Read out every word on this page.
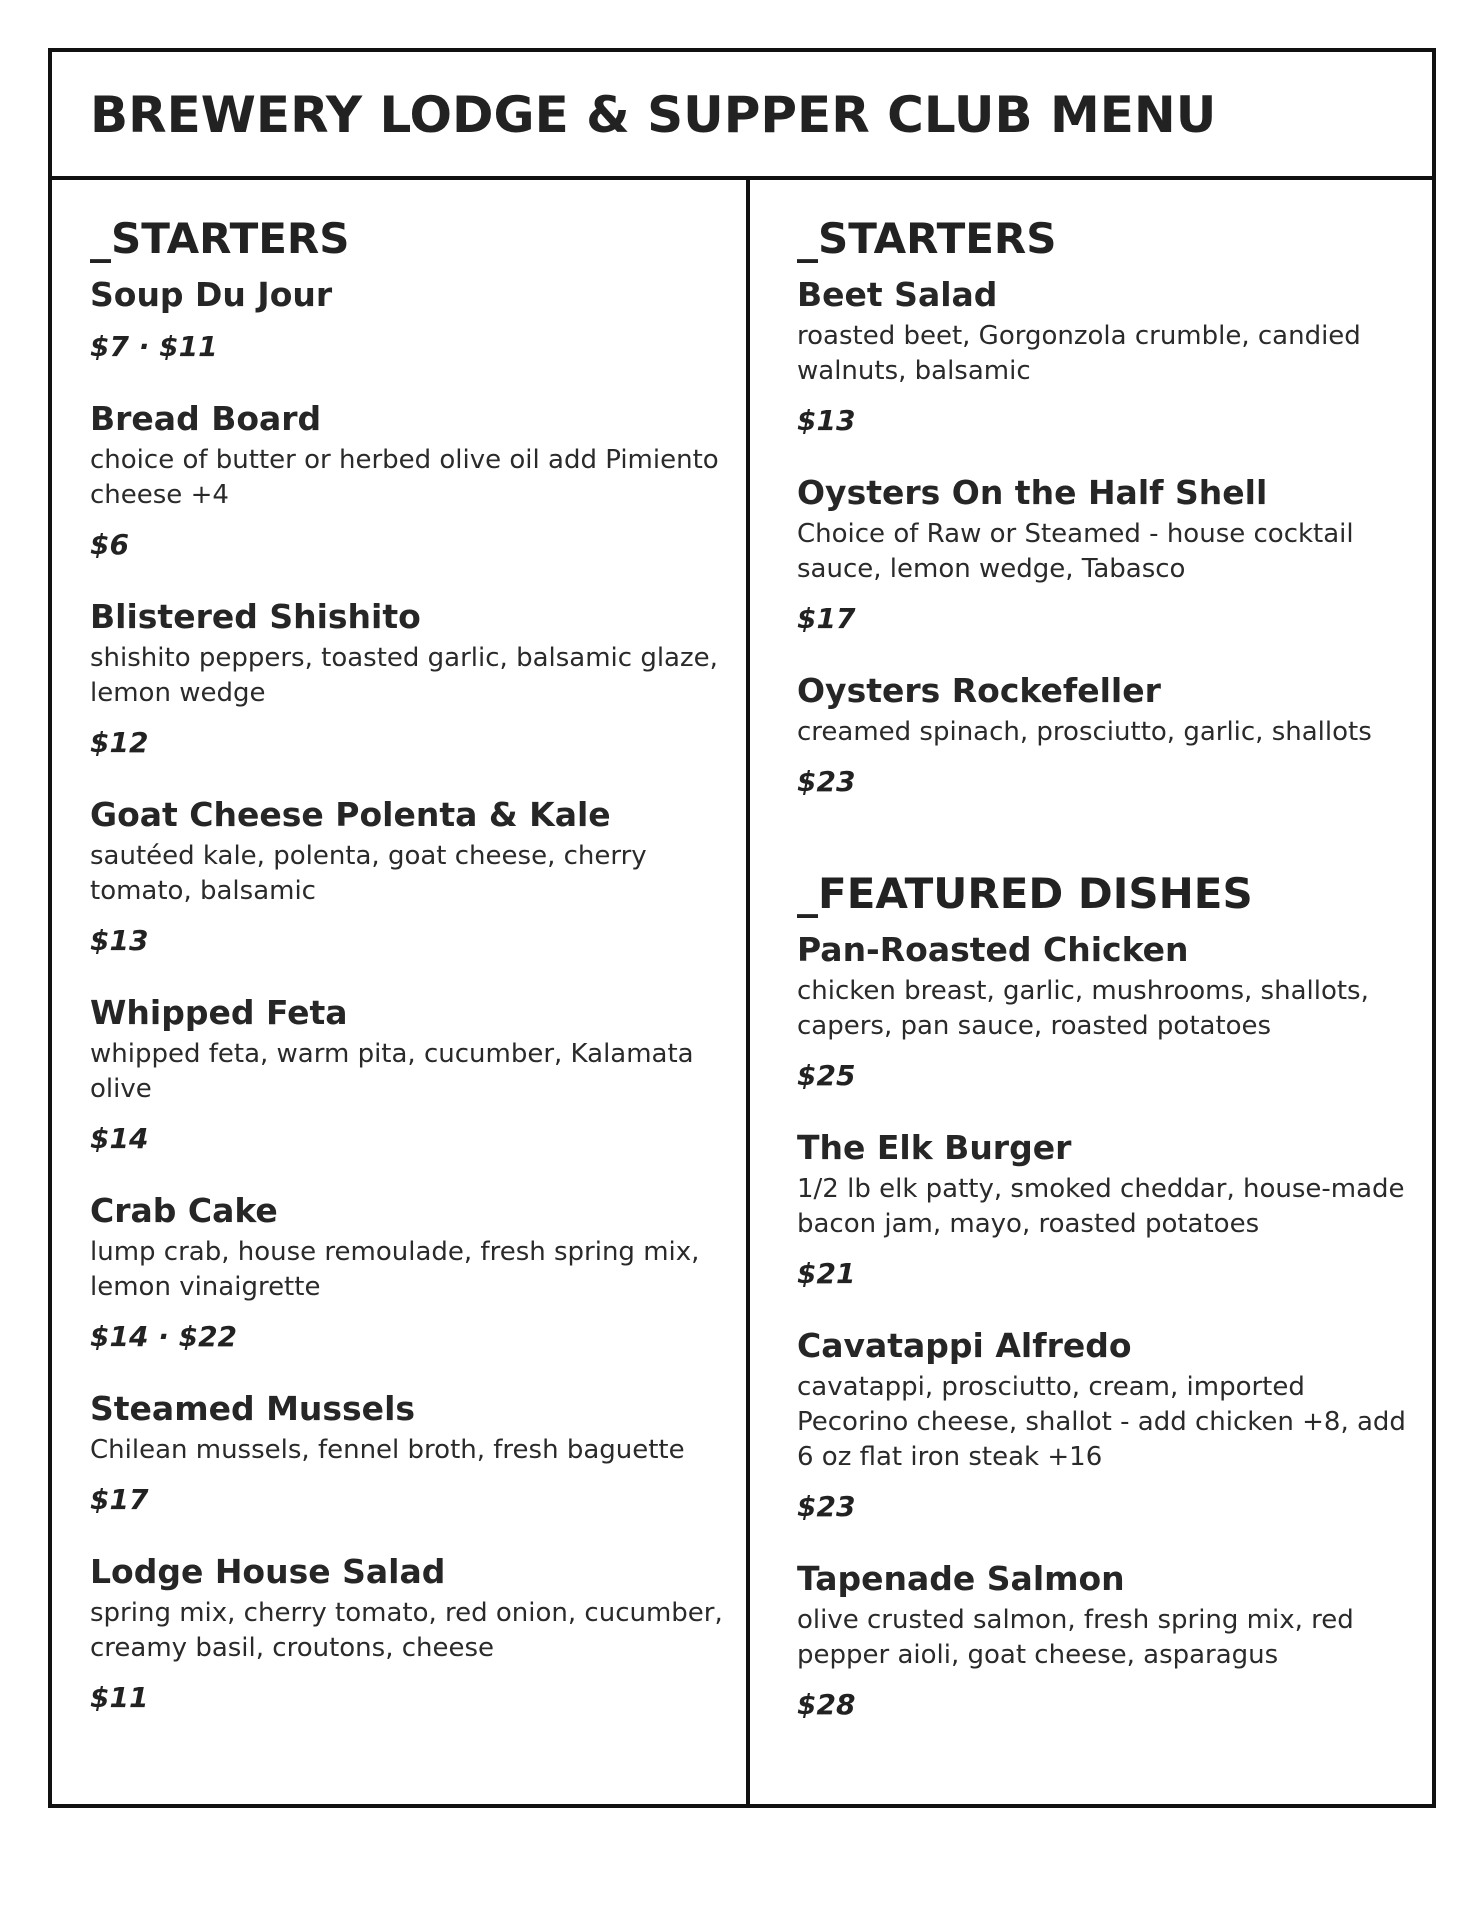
BREWERY LODGE & SUPPER CLUB MENU
_STARTERS

Soup Du Jour

$7 · $11

Bread Board

choice of butter or herbed olive oil add Pimiento cheese +4

$6

Blistered Shishito

shishito peppers, toasted garlic, balsamic glaze, lemon wedge

$12

Goat Cheese Polenta & Kale

sautéed kale, polenta, goat cheese, cherry tomato, balsamic

$13

Whipped Feta

whipped feta, warm pita, cucumber, Kalamata olive

$14

Crab Cake

lump crab, house remoulade, fresh spring mix, lemon vinaigrette

$14 · $22

Steamed Mussels

Chilean mussels, fennel broth, fresh baguette

$17

Lodge House Salad

spring mix, cherry tomato, red onion, cucumber, creamy basil, croutons, cheese

$11

_STARTERS

Beet Salad

roasted beet, Gorgonzola crumble, candied walnuts, balsamic

$13

Oysters On the Half Shell

Choice of Raw or Steamed - house cocktail sauce, lemon wedge, Tabasco

$17

Oysters Rockefeller

creamed spinach, prosciutto, garlic, shallots

$23

_FEATURED DISHES

Pan-Roasted Chicken

chicken breast, garlic, mushrooms, shallots, capers, pan sauce, roasted potatoes

$25

The Elk Burger

1/2 lb elk patty, smoked cheddar, house-made bacon jam, mayo, roasted potatoes

$21

Cavatappi Alfredo

cavatappi, prosciutto, cream, imported Pecorino cheese, shallot - add chicken +8, add 6 oz flat iron steak +16

$23

Tapenade Salmon

olive crusted salmon, fresh spring mix, red pepper aioli, goat cheese, asparagus

$28
